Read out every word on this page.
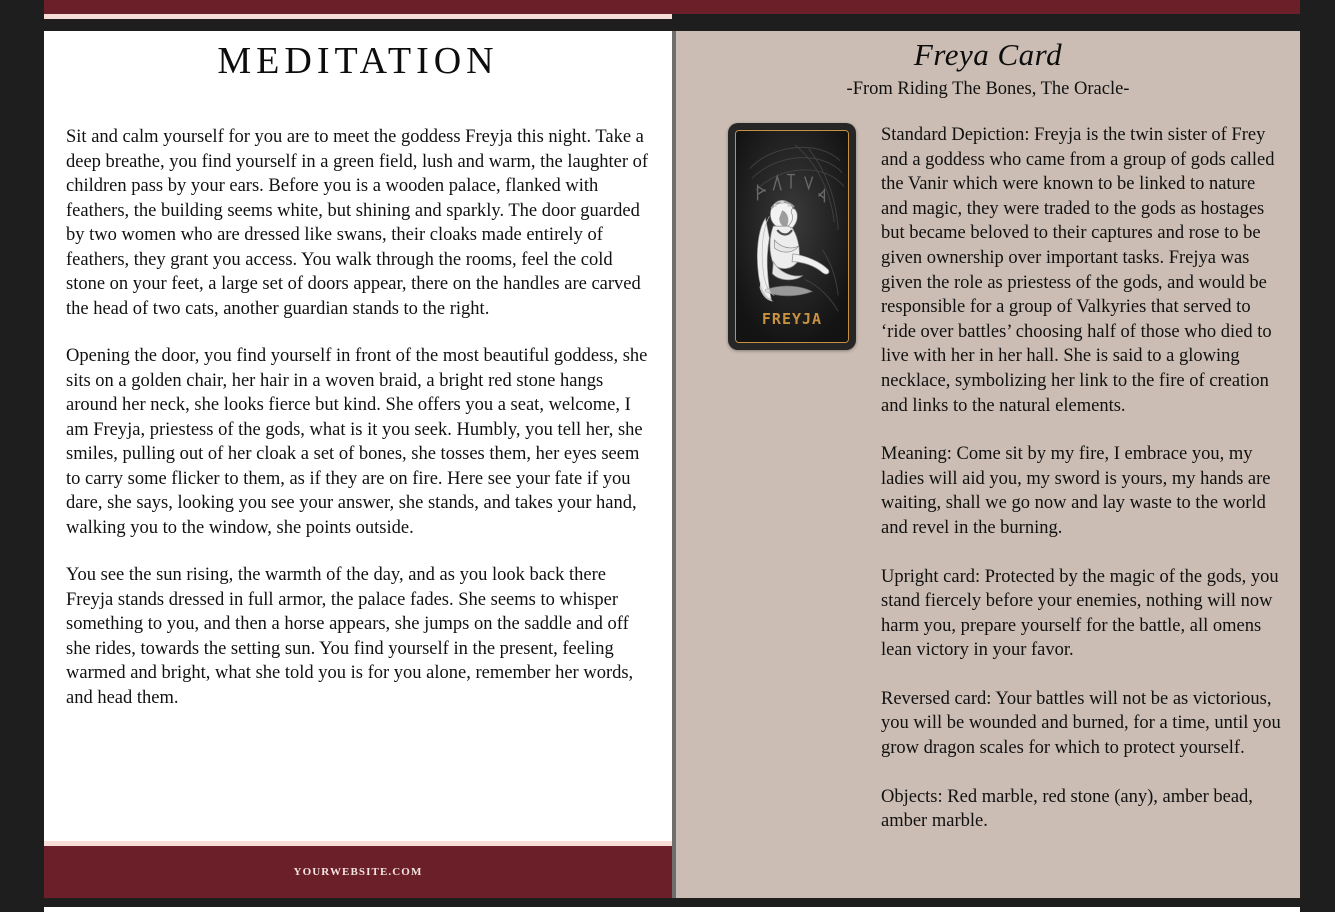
MEDITATION

Sit and calm yourself for you are to meet the goddess Freyja this night. Take a deep breathe, you find yourself in a green field, lush and warm, the laughter of children pass by your ears. Before you is a wooden palace, flanked with feathers, the building seems white, but shining and sparkly. The door guarded by two women who are dressed like swans, their cloaks made entirely of feathers, they grant you access. You walk through the rooms, feel the cold stone on your feet, a large set of doors appear, there on the handles are carved the head of two cats, another guardian stands to the right.

Opening the door, you find yourself in front of the most beautiful goddess, she sits on a golden chair, her hair in a woven braid, a bright red stone hangs around her neck, she looks fierce but kind. She offers you a seat, welcome, I am Freyja, priestess of the gods, what is it you seek. Humbly, you tell her, she smiles, pulling out of her cloak a set of bones, she tosses them, her eyes seem to carry some flicker to them, as if they are on fire. Here see your fate if you dare, she says, looking you see your answer, she stands, and takes your hand, walking you to the window, she points outside.

You see the sun rising, the warmth of the day, and as you look back there Freyja stands dressed in full armor, the palace fades. She seems to whisper something to you, and then a horse appears, she jumps on the saddle and off she rides, towards the setting sun. You find yourself in the present, feeling warmed and bright, what she told you is for you alone, remember her words, and head them.

YOURWEBSITE.COM
Freya Card

-From Riding The Bones, The Oracle-

FREYJA

Standard Depiction: Freyja is the twin sister of Frey and a goddess who came from a group of gods called the Vanir which were known to be linked to nature and magic, they were traded to the gods as hostages but became beloved to their captures and rose to be given ownership over important tasks. Frejya was given the role as priestess of the gods, and would be responsible for a group of Valkyries that served to ‘ride over battles’ choosing half of those who died to live with her in her hall. She is said to a glowing necklace, symbolizing her link to the fire of creation and links to the natural elements.

Meaning: Come sit by my fire, I embrace you, my ladies will aid you, my sword is yours, my hands are waiting, shall we go now and lay waste to the world and revel in the burning.

Upright card: Protected by the magic of the gods, you stand fiercely before your enemies, nothing will now harm you, prepare yourself for the battle, all omens lean victory in your favor.

Reversed card: Your battles will not be as victorious, you will be wounded and burned, for a time, until you grow dragon scales for which to protect yourself.

Objects: Red marble, red stone (any), amber bead, amber marble.
